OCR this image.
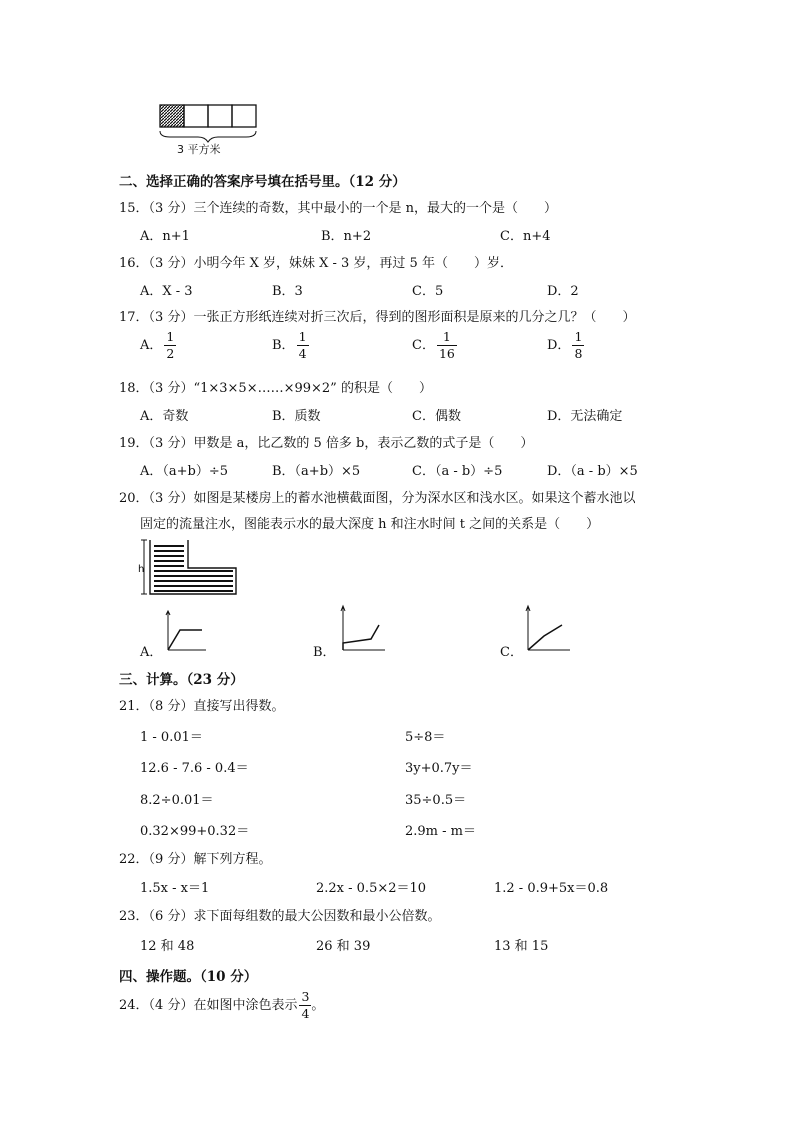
3 平方米
二、选择正确的答案序号填在括号里。（12 分）
15．（3 分）三个连续的奇数，其中最小的一个是 n，最大的一个是（　　）
A．n+1	B．n+2	C．n+4
16．（3 分）小明今年 X 岁，妹妹 X - 3 岁，再过 5 年（　　）岁．
A．X - 3	B．3	C．5	D．2
17．（3 分）一张正方形纸连续对折三次后，得到的图形面积是原来的几分之几？（　　）
A． $\frac{1}{2}$	B． $\frac{1}{4}$	C． $\frac{1}{16}$	D． $\frac{1}{8}$
18．（3 分）“1×3×5×……×99×2” 的积是（　　）
A．奇数	B．质数	C．偶数	D．无法确定
19．（3 分）甲数是 a，比乙数的 5 倍多 b，表示乙数的式子是（　　）
A．（a+b）÷5	B．（a+b）×5	C．（a - b）÷5	D．（a - b）×5
20．（3 分）如图是某楼房上的蓄水池横截面图，分为深水区和浅水区。如果这个蓄水池以
固定的流量注水，图能表示水的最大深度 h 和注水时间 t 之间的关系是（　　）
h
A．	B．	C．
三、计算。（23 分）
21．（8 分）直接写出得数。
1 - 0.01＝	5÷8＝
12.6 - 7.6 - 0.4＝	3y+0.7y＝
8.2÷0.01＝	35÷0.5＝
0.32×99+0.32＝	2.9m - m＝
22．（9 分）解下列方程。
1.5x - x＝1	2.2x - 0.5×2＝10	1.2 - 0.9+5x＝0.8
23．（6 分）求下面每组数的最大公因数和最小公倍数。
12 和 48	26 和 39	13 和 15
四、操作题。（10 分）
24．（4 分）在如图中涂色表示 $\frac{3}{4}$ 。
